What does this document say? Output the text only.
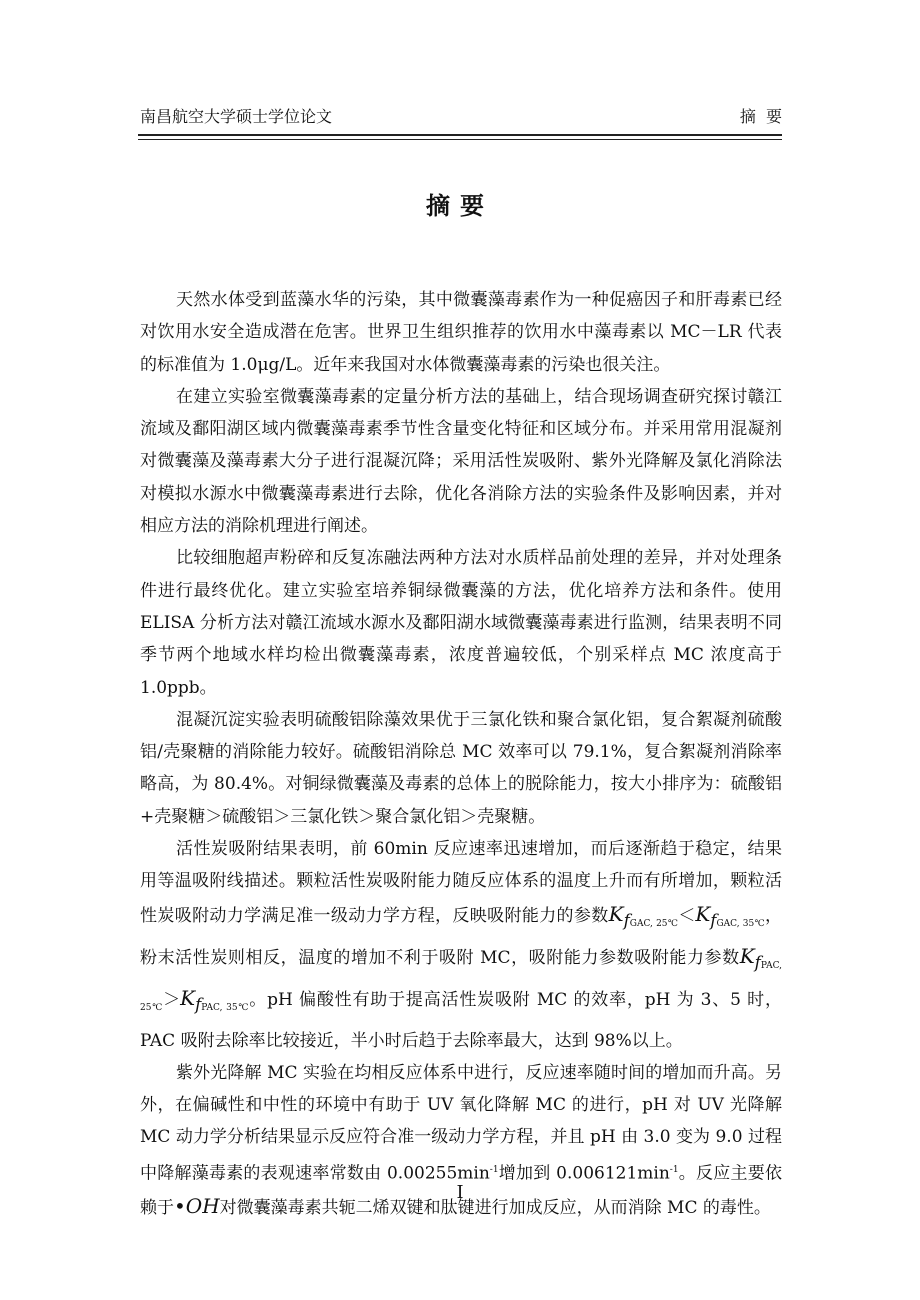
南昌航空大学硕士学位论文	摘  要
摘要

天然水体受到蓝藻水华的污染，其中微囊藻毒素作为一种促癌因子和肝毒素已经对饮用水安全造成潜在危害。世界卫生组织推荐的饮用水中藻毒素以 MC－LR 代表的标准值为 1.0μg/L。近年来我国对水体微囊藻毒素的污染也很关注。

在建立实验室微囊藻毒素的定量分析方法的基础上，结合现场调查研究探讨赣江流域及鄱阳湖区域内微囊藻毒素季节性含量变化特征和区域分布。并采用常用混凝剂对微囊藻及藻毒素大分子进行混凝沉降；采用活性炭吸附、紫外光降解及氯化消除法对模拟水源水中微囊藻毒素进行去除，优化各消除方法的实验条件及影响因素，并对相应方法的消除机理进行阐述。

比较细胞超声粉碎和反复冻融法两种方法对水质样品前处理的差异，并对处理条件进行最终优化。建立实验室培养铜绿微囊藻的方法，优化培养方法和条件。使用 ELISA 分析方法对赣江流域水源水及鄱阳湖水域微囊藻毒素进行监测，结果表明不同季节两个地域水样均检出微囊藻毒素，浓度普遍较低，个别采样点 MC 浓度高于 1.0ppb。

混凝沉淀实验表明硫酸铝除藻效果优于三氯化铁和聚合氯化铝，复合絮凝剂硫酸铝/壳聚糖的消除能力较好。硫酸铝消除总 MC 效率可以 79.1%，复合絮凝剂消除率略高，为 80.4%。对铜绿微囊藻及毒素的总体上的脱除能力，按大小排序为：硫酸铝+壳聚糖＞硫酸铝＞三氯化铁＞聚合氯化铝＞壳聚糖。

活性炭吸附结果表明，前 60min 反应速率迅速增加，而后逐渐趋于稳定，结果用等温吸附线描述。颗粒活性炭吸附能力随反应体系的温度上升而有所增加，颗粒活性炭吸附动力学满足准一级动力学方程，反映吸附能力的参数$K_{fGAC, 25℃}<K_{fGAC, 35℃}$，粉末活性炭则相反，温度的增加不利于吸附 MC，吸附能力参数吸附能力参数$K_{fPAC, 25℃}>K_{fPAC, 35℃}$。pH 偏酸性有助于提高活性炭吸附 MC 的效率，pH 为 3、5 时，PAC 吸附去除率比较接近，半小时后趋于去除率最大，达到 98%以上。

紫外光降解 MC 实验在均相反应体系中进行，反应速率随时间的增加而升高。另外，在偏碱性和中性的环境中有助于 UV 氧化降解 MC 的进行，pH 对 UV 光降解 MC 动力学分析结果显示反应符合准一级动力学方程，并且 pH 由 3.0 变为 9.0 过程中降解藻毒素的表观速率常数由 $0.00255\min^{-1}$增加到 $0.006121\min^{-1}$。反应主要依赖于•OH对微囊藻毒素共轭二烯双键和肽键进行加成反应，从而消除 MC 的毒性。

I
